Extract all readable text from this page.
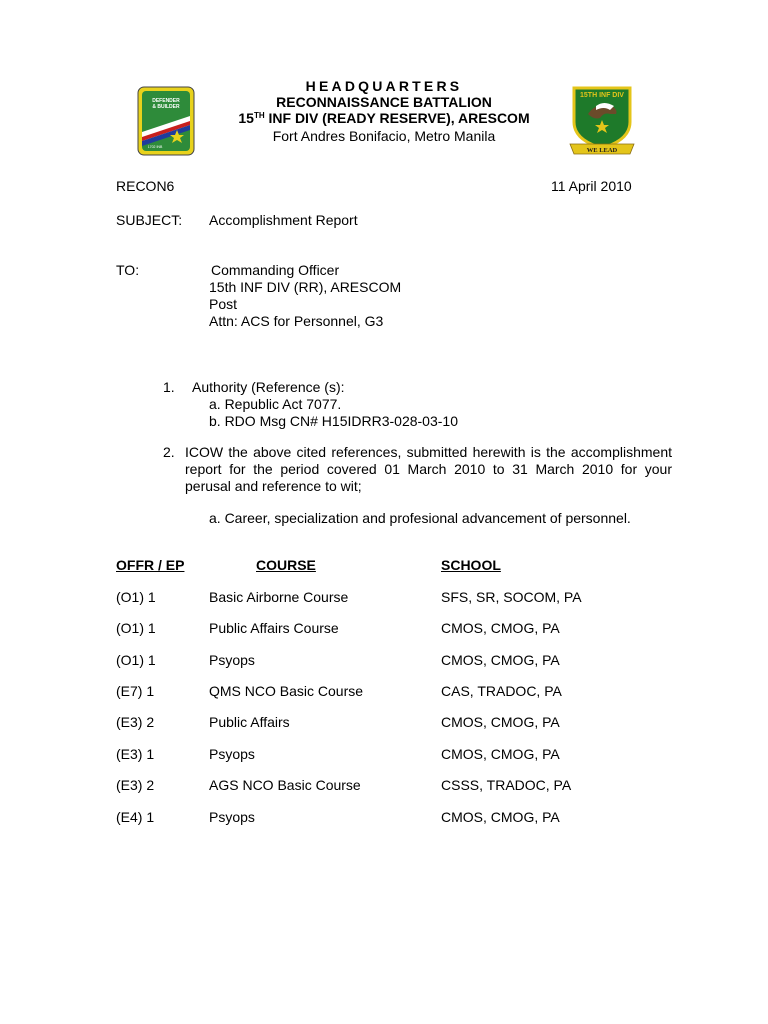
DEFENDER
& BUILDER
1702 INB
15TH INF DIV
WE LEAD
HEADQUARTERS
RECONNAISSANCE BATTALION
15TH INF DIV (READY RESERVE), ARESCOM
Fort Andres Bonifacio, Metro Manila
RECON6	11 April 2010
SUBJECT: Accomplishment Report
TO:	Commanding Officer
15th INF DIV (RR), ARESCOM
Post
Attn: ACS for Personnel, G3
1. Authority (Reference (s):
a. Republic Act 7077.
b. RDO Msg CN# H15IDRR3-028-03-10
2. ICOW the above cited references, submitted herewith is the accomplishment report for the period covered 01 March 2010 to 31 March 2010 for your perusal and reference to wit;
a. Career, specialization and profesional advancement of personnel.
OFFR / EP	COURSE	SCHOOL
(O1) 1	Basic Airborne Course	SFS, SR, SOCOM, PA
(O1) 1	Public Affairs Course	CMOS, CMOG, PA
(O1) 1	Psyops	CMOS, CMOG, PA
(E7) 1	QMS NCO Basic Course	CAS, TRADOC, PA
(E3) 2	Public Affairs	CMOS, CMOG, PA
(E3) 1	Psyops	CMOS, CMOG, PA
(E3) 2	AGS NCO Basic Course	CSSS, TRADOC, PA
(E4) 1	Psyops	CMOS, CMOG, PA
